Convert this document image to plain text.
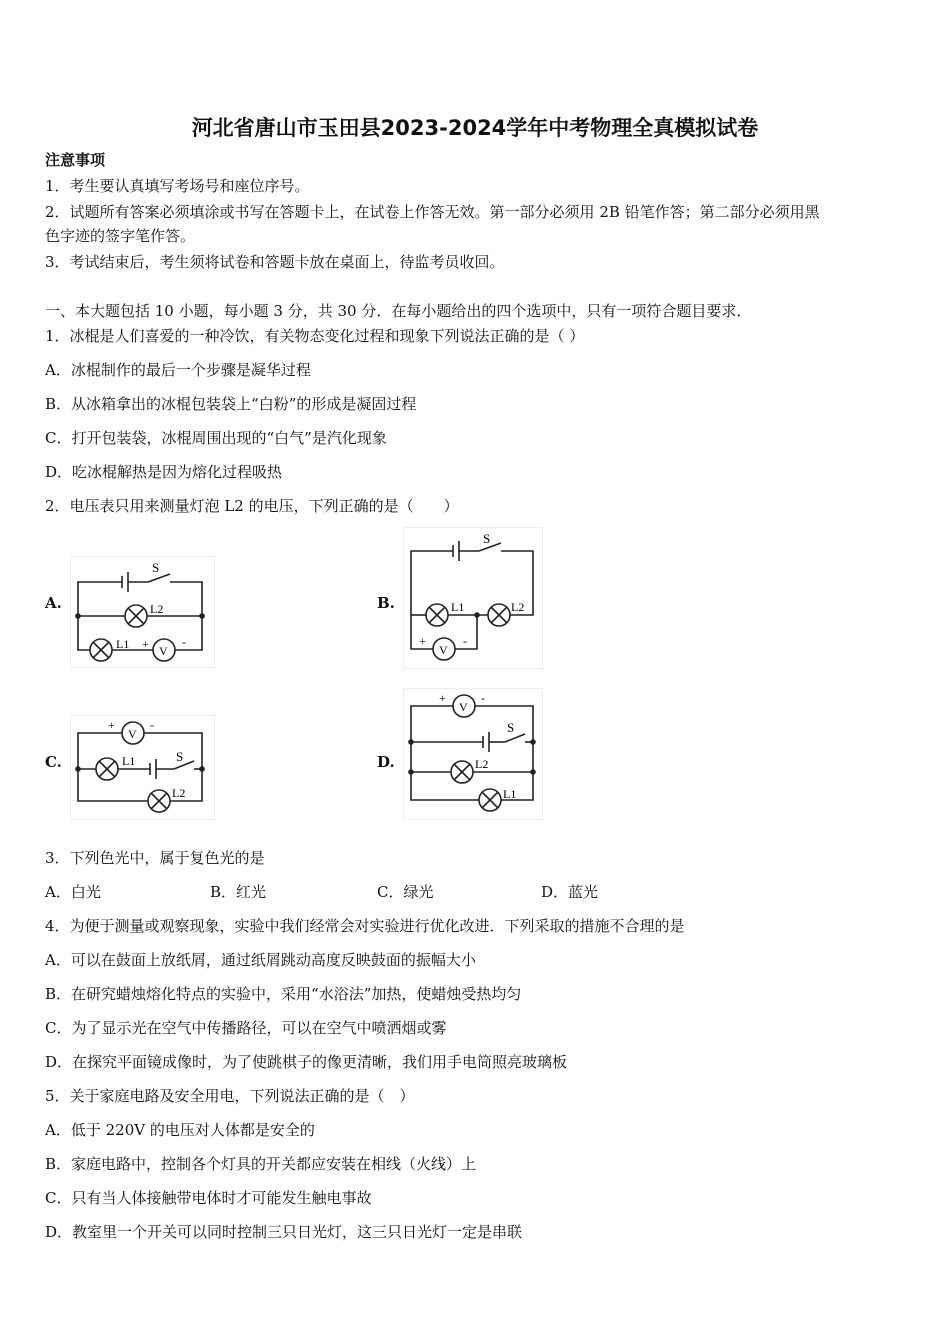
河北省唐山市玉田县2023-2024学年中考物理全真模拟试卷
注意事项
1．考生要认真填写考场号和座位序号。
2．试题所有答案必须填涂或书写在答题卡上，在试卷上作答无效。第一部分必须用 2B 铅笔作答；第二部分必须用黑
色字迹的签字笔作答。
3．考试结束后，考生须将试卷和答题卡放在桌面上，待监考员收回。
一、本大题包括 10 小题，每小题 3 分，共 30 分．在每小题给出的四个选项中，只有一项符合题目要求．
1．冰棍是人们喜爱的一种冷饮，有关物态变化过程和现象下列说法正确的是（ ）
A．冰棍制作的最后一个步骤是凝华过程
B．从冰箱拿出的冰棍包装袋上“白粉”的形成是凝固过程
C．打开包装袋，冰棍周围出现的“白气”是汽化现象
D．吃冰棍解热是因为熔化过程吸热
2．电压表只用来测量灯泡 L2 的电压，下列正确的是（　　）
A.	B.
C.	D.
S
L2
L1 + V
-
S
L1	L2
+
V
-
+
V
-
L1	S
L2
+
V
-
S
L2
L1
3．下列色光中，属于复色光的是
A．白光	B．红光	C．绿光	D．蓝光
4．为便于测量或观察现象，实验中我们经常会对实验进行优化改进．下列采取的措施不合理的是
A．可以在鼓面上放纸屑，通过纸屑跳动高度反映鼓面的振幅大小
B．在研究蜡烛熔化特点的实验中，采用“水浴法”加热，使蜡烛受热均匀
C．为了显示光在空气中传播路径，可以在空气中喷洒烟或雾
D．在探究平面镜成像时，为了使跳棋子的像更清晰，我们用手电筒照亮玻璃板
5．关于家庭电路及安全用电，下列说法正确的是（　）
A．低于 220V 的电压对人体都是安全的
B．家庭电路中，控制各个灯具的开关都应安装在相线（火线）上
C．只有当人体接触带电体时才可能发生触电事故
D．教室里一个开关可以同时控制三只日光灯，这三只日光灯一定是串联
